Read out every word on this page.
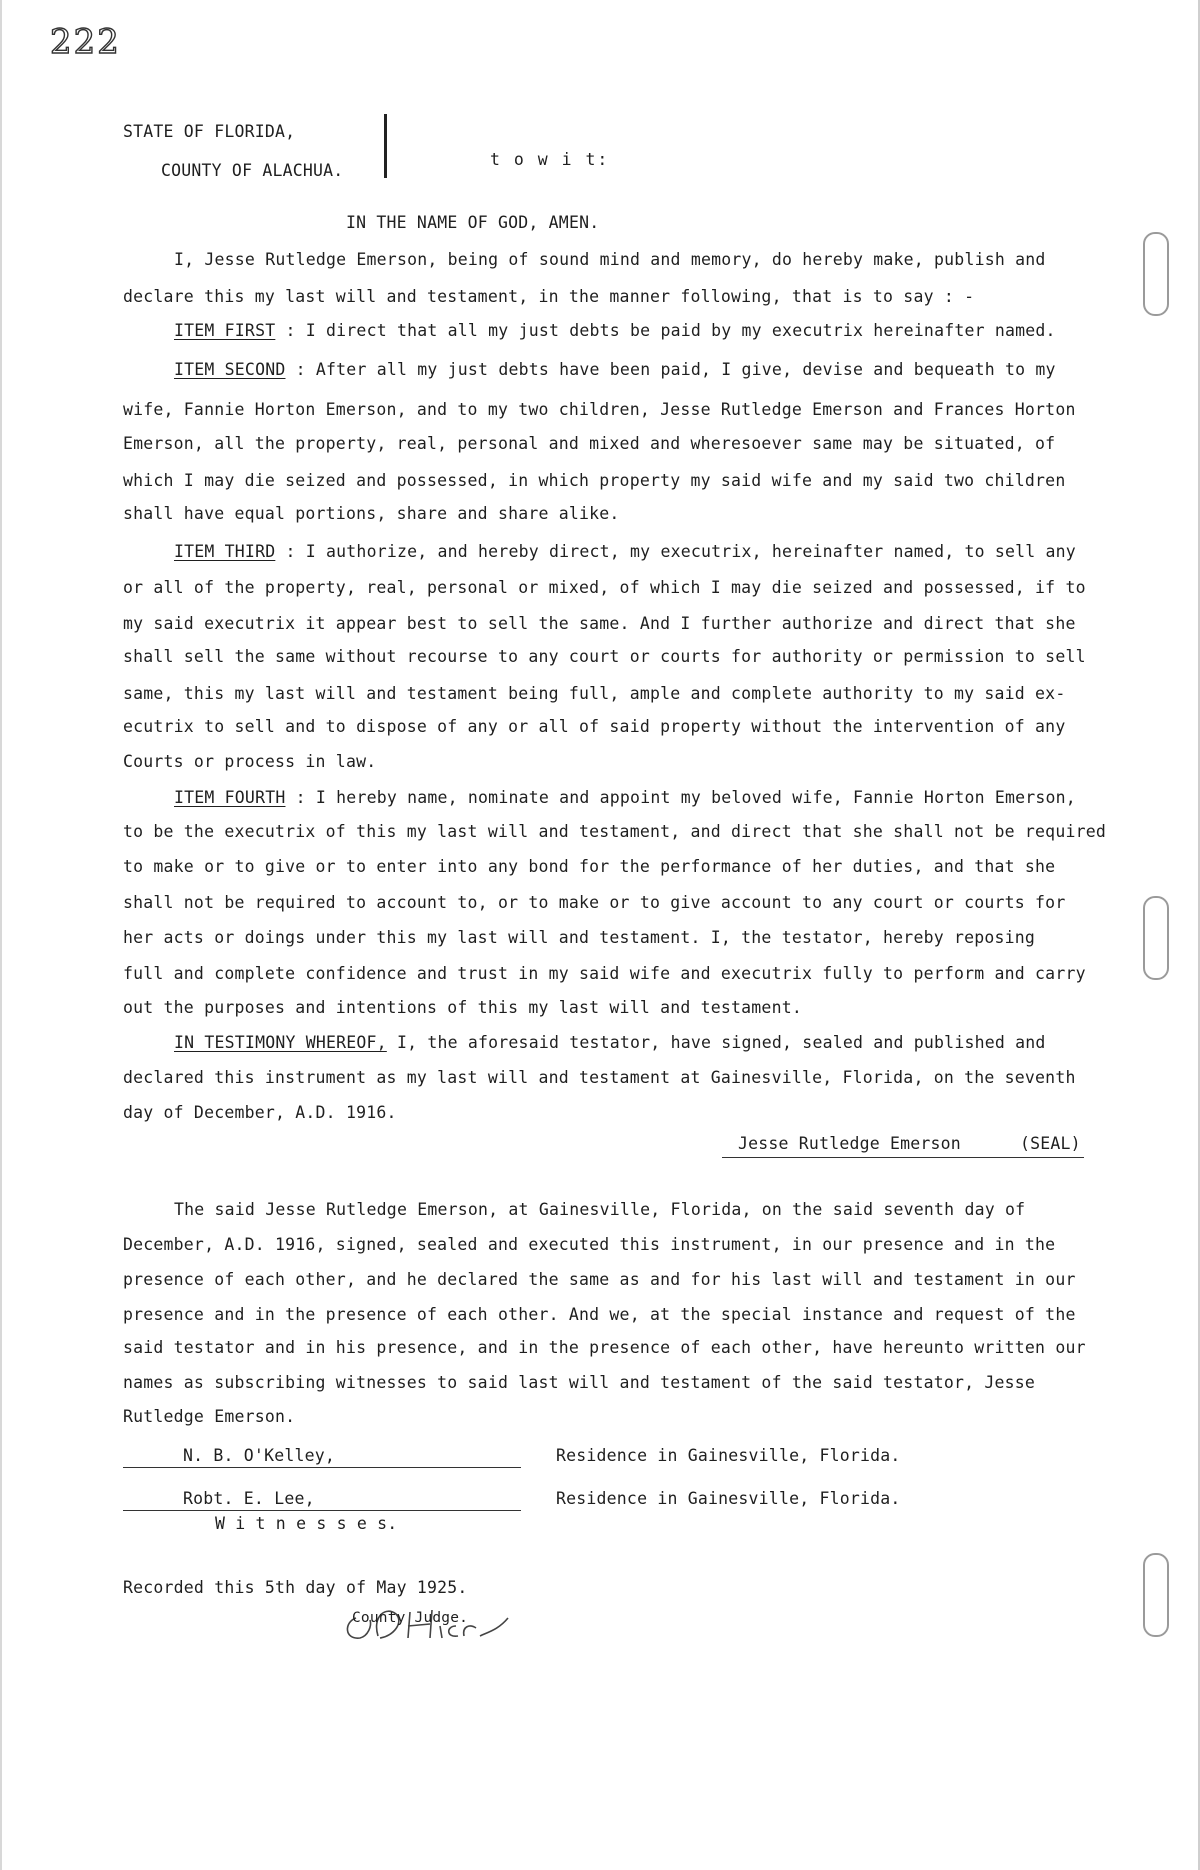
222
STATE OF FLORIDA,
COUNTY OF ALACHUA.
t o w i t:
IN THE NAME OF GOD, AMEN.
I, Jesse Rutledge Emerson, being of sound mind and memory, do hereby make, publish and
declare this my last will and testament, in the manner following, that is to say : -
ITEM FIRST : I direct that all my just debts be paid by my executrix hereinafter named.
ITEM SECOND : After all my just debts have been paid, I give, devise and bequeath to my
wife, Fannie Horton Emerson, and to my two children, Jesse Rutledge Emerson and Frances Horton
Emerson, all the property, real, personal and mixed and wheresoever same may be situated, of
which I may die seized and possessed, in which property my said wife and my said two children
shall have equal portions, share and share alike.
ITEM THIRD : I authorize, and hereby direct, my executrix, hereinafter named, to sell any
or all of the property, real, personal or mixed, of which I may die seized and possessed, if to
my said executrix it appear best to sell the same. And I further authorize and direct that she
shall sell the same without recourse to any court or courts for authority or permission to sell
same, this my last will and testament being full, ample and complete authority to my said ex-
ecutrix to sell and to dispose of any or all of said property without the intervention of any
Courts or process in law.
ITEM FOURTH : I hereby name, nominate and appoint my beloved wife, Fannie Horton Emerson,
to be the executrix of this my last will and testament, and direct that she shall not be required
to make or to give or to enter into any bond for the performance of her duties, and that she
shall not be required to account to, or to make or to give account to any court or courts for
her acts or doings under this my last will and testament. I, the testator, hereby reposing
full and complete confidence and trust in my said wife and executrix fully to perform and carry
out the purposes and intentions of this my last will and testament.
IN TESTIMONY WHEREOF, I, the aforesaid testator, have signed, sealed and published and
declared this instrument as my last will and testament at Gainesville, Florida, on the seventh
day of December, A.D. 1916.
Jesse Rutledge Emerson	(SEAL)
The said Jesse Rutledge Emerson, at Gainesville, Florida, on the said seventh day of
December, A.D. 1916, signed, sealed and executed this instrument, in our presence and in the
presence of each other, and he declared the same as and for his last will and testament in our
presence and in the presence of each other. And we, at the special instance and request of the
said testator and in his presence, and in the presence of each other, have hereunto written our
names as subscribing witnesses to said last will and testament of the said testator, Jesse
Rutledge Emerson.
N. B. O'Kelley,	Residence in Gainesville, Florida.
Robt. E. Lee,	Residence in Gainesville, Florida.
W i t n e s s e s.
Recorded this 5th day of May 1925.
County Judge.
